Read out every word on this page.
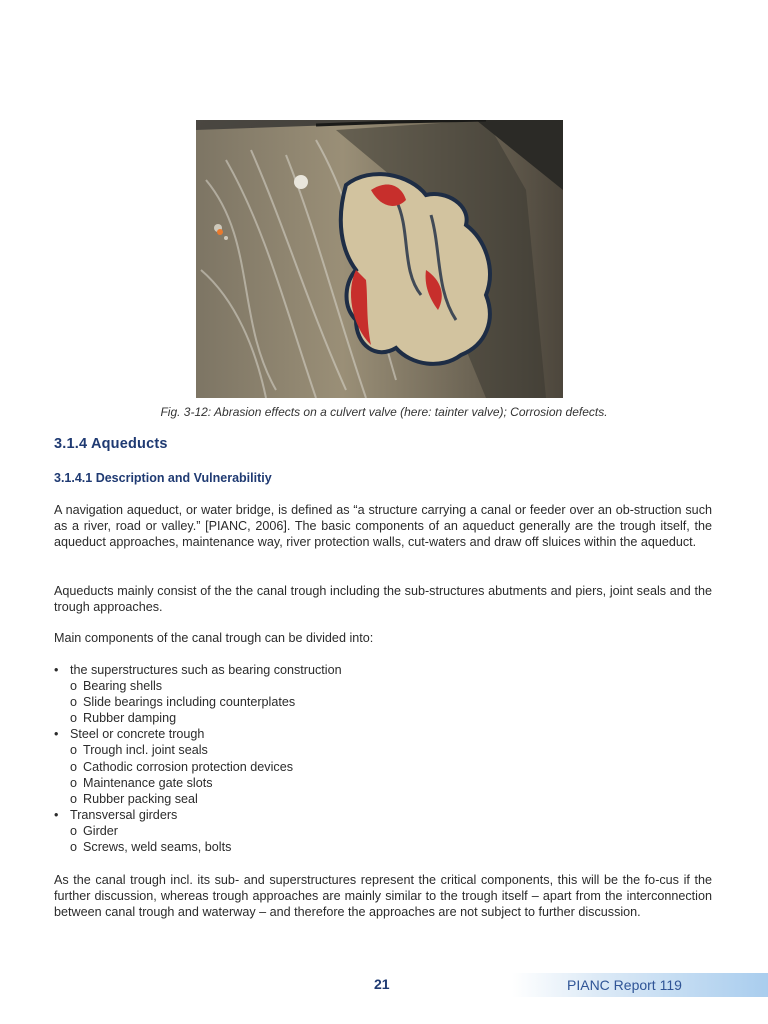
Fig. 3-12: Abrasion effects on a culvert valve (here: tainter valve); Corrosion defects.
3.1.4 Aqueducts
3.1.4.1 Description and Vulnerabilitiy

A navigation aqueduct, or water bridge, is defined as “a structure carrying a canal or feeder over an ob-struction such as a river, road or valley.” [PIANC, 2006]. The basic components of an aqueduct generally are the trough itself, the aqueduct approaches, maintenance way, river protection walls, cut-waters and draw off sluices within the aqueduct.

Aqueducts mainly consist of the the canal trough including the sub-structures abutments and piers, joint seals and the trough approaches.

Main components of the canal trough can be divided into:

• the superstructures such as bearing construction
o Bearing shells
o Slide bearings including counterplates
o Rubber damping
• Steel or concrete trough
o Trough incl. joint seals
o Cathodic corrosion protection devices
o Maintenance gate slots
o Rubber packing seal
• Transversal girders
o Girder
o Screws, weld seams, bolts

As the canal trough incl. its sub- and superstructures represent the critical components, this will be the fo-cus if the further discussion, whereas trough approaches are mainly similar to the trough itself – apart from the interconnection between canal trough and waterway – and therefore the approaches are not subject to further discussion.

21	PIANC Report 119
